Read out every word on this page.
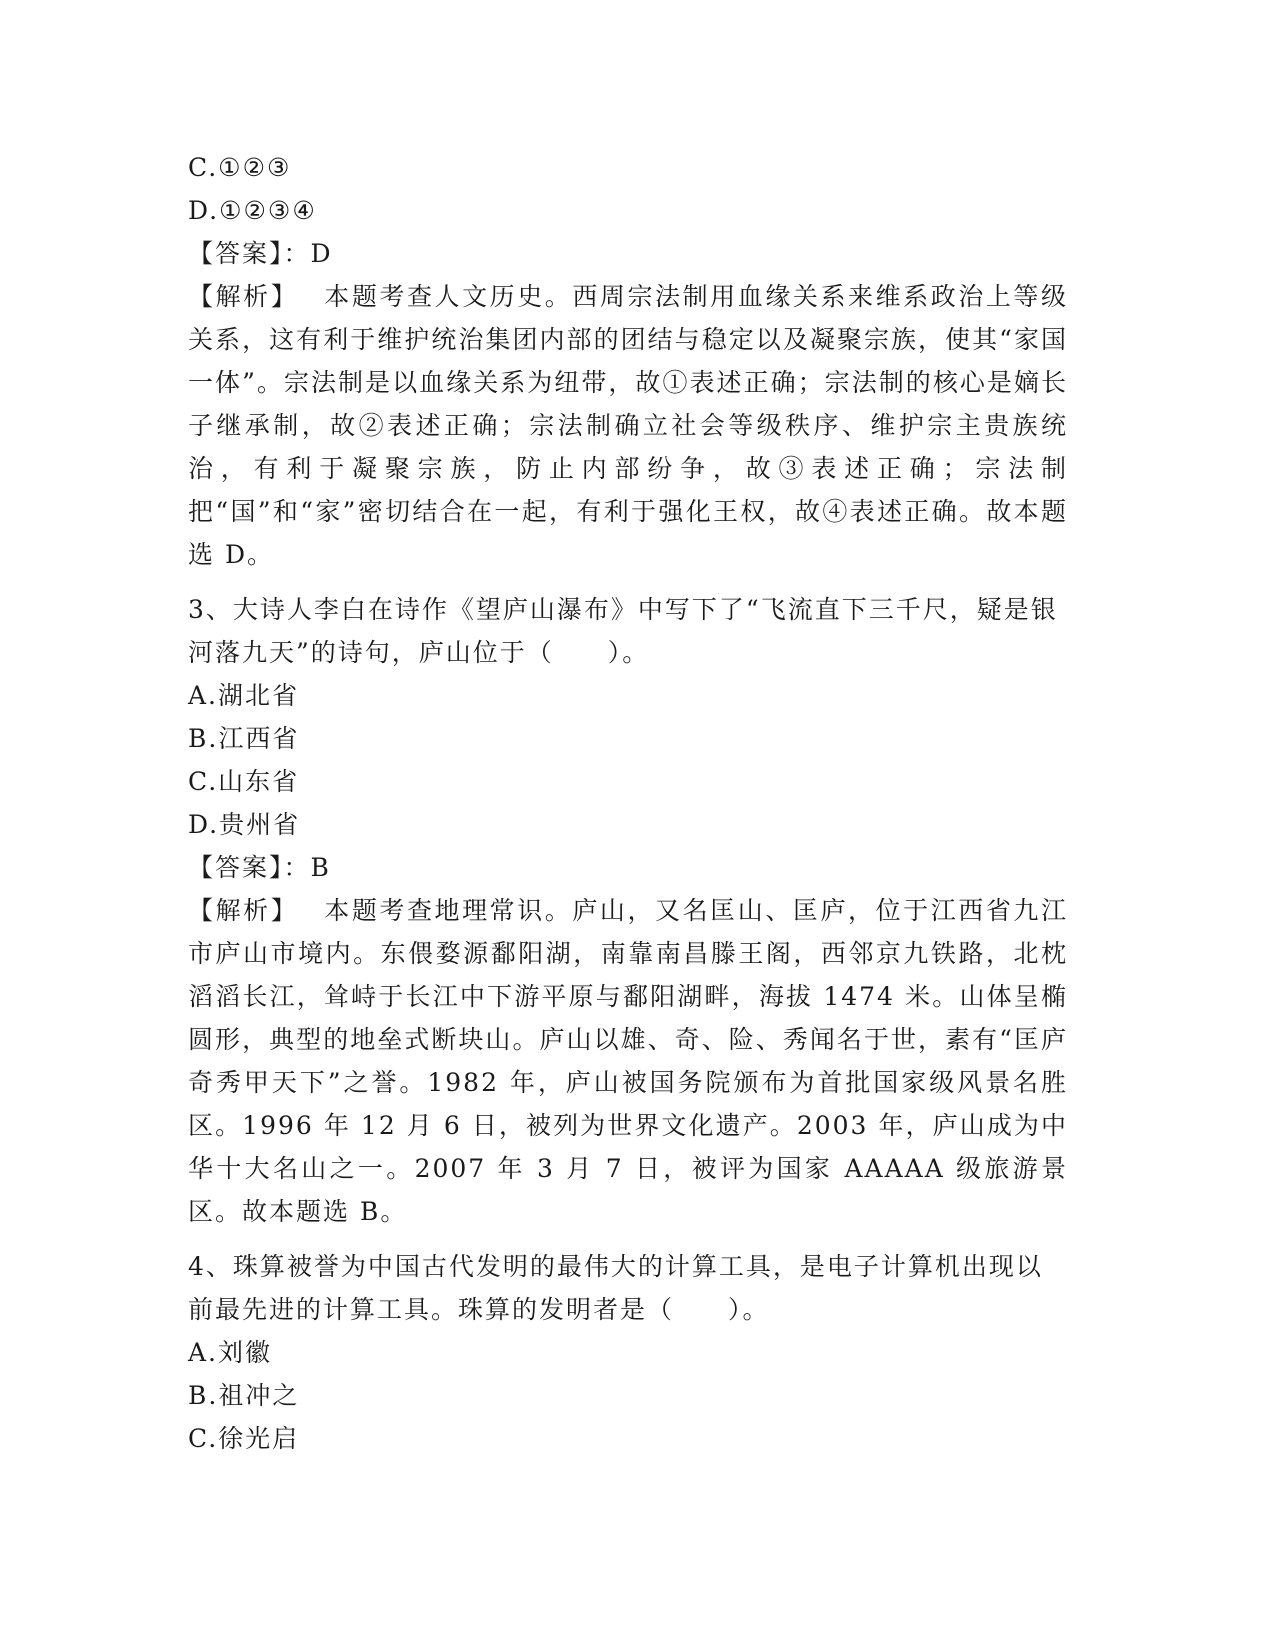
C.①②③
D.①②③④
【答案】：D
【解析】 本题考查人文历史。西周宗法制用血缘关系来维系政治上等级关系，这有利于维护统治集团内部的团结与稳定以及凝聚宗族，使其“家国一体”。宗法制是以血缘关系为纽带，故①表述正确；宗法制的核心是嫡长子继承制，故②表述正确；宗法制确立社会等级秩序、维护宗主贵族统治，有利于凝聚宗族，防止内部纷争，故③表述正确；宗法制把“国”和“家”密切结合在一起，有利于强化王权，故④表述正确。故本题选 D。
3、大诗人李白在诗作《望庐山瀑布》中写下了“飞流直下三千尺，疑是银河落九天”的诗句，庐山位于（　　）。
A.湖北省
B.江西省
C.山东省
D.贵州省
【答案】：B
【解析】 本题考查地理常识。庐山，又名匡山、匡庐，位于江西省九江市庐山市境内。东偎婺源鄱阳湖，南靠南昌滕王阁，西邻京九铁路，北枕滔滔长江，耸峙于长江中下游平原与鄱阳湖畔，海拔 1474 米。山体呈椭圆形，典型的地垒式断块山。庐山以雄、奇、险、秀闻名于世，素有“匡庐奇秀甲天下”之誉。1982 年，庐山被国务院颁布为首批国家级风景名胜区。1996 年 12 月 6 日，被列为世界文化遗产。2003 年，庐山成为中华十大名山之一。2007 年 3 月 7 日，被评为国家 AAAAA 级旅游景区。故本题选 B。
4、珠算被誉为中国古代发明的最伟大的计算工具，是电子计算机出现以前最先进的计算工具。珠算的发明者是（　　）。
A.刘徽
B.祖冲之
C.徐光启
